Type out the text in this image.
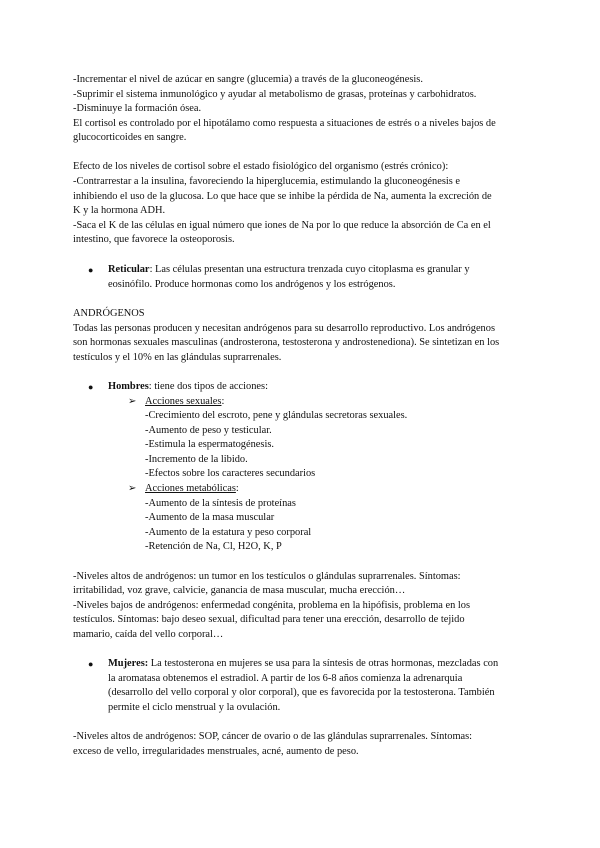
-Incrementar el nivel de azúcar en sangre (glucemia) a través de la gluconeogénesis.
-Suprimir el sistema inmunológico y ayudar al metabolismo de grasas, proteínas y carbohidratos.
-Disminuye la formación ósea.
El cortisol es controlado por el hipotálamo como respuesta a situaciones de estrés o a niveles bajos de
glucocorticoides en sangre.
Efecto de los niveles de cortisol sobre el estado fisiológico del organismo (estrés crónico):
-Contrarrestar a la insulina, favoreciendo la hiperglucemia, estimulando la gluconeogénesis e
inhibiendo el uso de la glucosa. Lo que hace que se inhibe la pérdida de Na, aumenta la excreción de
K y la hormona ADH.
-Saca el K de las células en igual número que iones de Na por lo que reduce la absorción de Ca en el
intestino, que favorece la osteoporosis.
● Reticular: Las células presentan una estructura trenzada cuyo citoplasma es granular y
eosinófilo. Produce hormonas como los andrógenos y los estrógenos.
ANDRÓGENOS
Todas las personas producen y necesitan andrógenos para su desarrollo reproductivo. Los andrógenos
son hormonas sexuales masculinas (androsterona, testosterona y androstenediona). Se sintetizan en los
testículos y el 10% en las glándulas suprarrenales.
● Hombres: tiene dos tipos de acciones:
➢ Acciones sexuales:
-Crecimiento del escroto, pene y glándulas secretoras sexuales.
-Aumento de peso y testicular.
-Estimula la espermatogénesis.
-Incremento de la libido.
-Efectos sobre los caracteres secundarios
➢ Acciones metabólicas:
-Aumento de la síntesis de proteínas
-Aumento de la masa muscular
-Aumento de la estatura y peso corporal
-Retención de Na, Cl, H2O, K, P
-Niveles altos de andrógenos: un tumor en los testículos o glándulas suprarrenales. Síntomas:
irritabilidad, voz grave, calvicie, ganancia de masa muscular, mucha erección…
-Niveles bajos de andrógenos: enfermedad congénita, problema en la hipófisis, problema en los
testículos. Síntomas: bajo deseo sexual, dificultad para tener una erección, desarrollo de tejido
mamario, caída del vello corporal…
● Mujeres: La testosterona en mujeres se usa para la síntesis de otras hormonas, mezcladas con
la aromatasa obtenemos el estradiol. A partir de los 6-8 años comienza la adrenarquia
(desarrollo del vello corporal y olor corporal), que es favorecida por la testosterona. También
permite el ciclo menstrual y la ovulación.
-Niveles altos de andrógenos: SOP, cáncer de ovario o de las glándulas suprarrenales. Síntomas:
exceso de vello, irregularidades menstruales, acné, aumento de peso.
